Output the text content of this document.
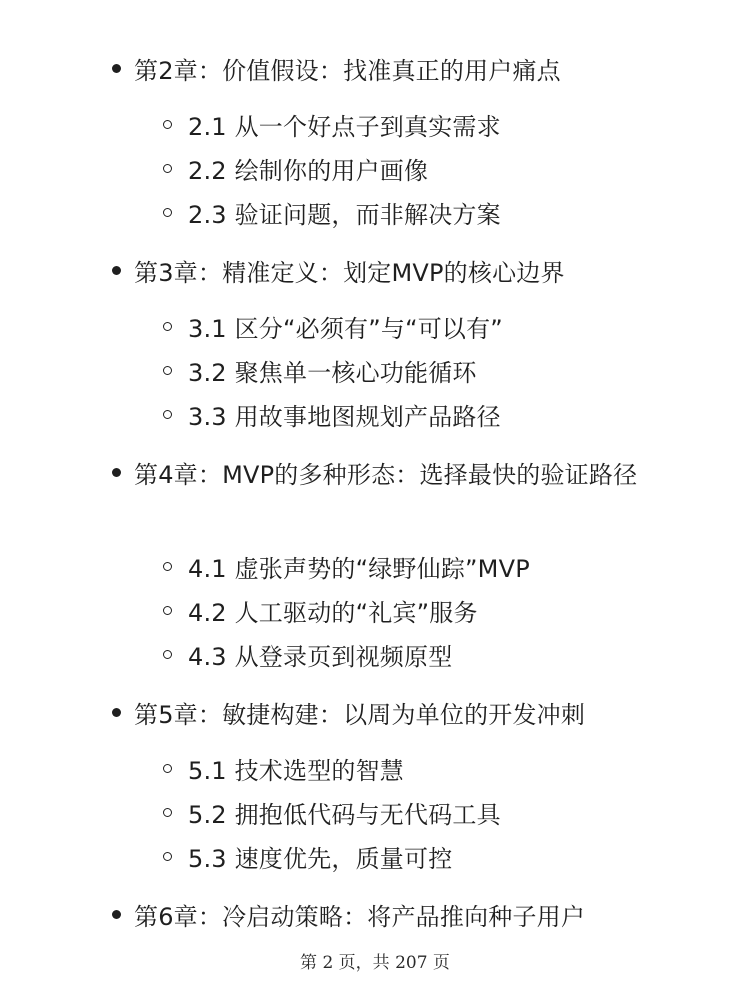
第2章：价值假设：找准真正的用户痛点
2.1 从一个好点子到真实需求
2.2 绘制你的用户画像
2.3 验证问题，而非解决方案
第3章：精准定义：划定MVP的核心边界
3.1 区分“必须有”与“可以有”
3.2 聚焦单一核心功能循环
3.3 用故事地图规划产品路径
第4章：MVP的多种形态：选择最快的验证路径
4.1 虚张声势的“绿野仙踪”MVP
4.2 人工驱动的“礼宾”服务
4.3 从登录页到视频原型
第5章：敏捷构建：以周为单位的开发冲刺
5.1 技术选型的智慧
5.2 拥抱低代码与无代码工具
5.3 速度优先，质量可控
第6章：冷启动策略：将产品推向种子用户
第 2 页，共 207 页
